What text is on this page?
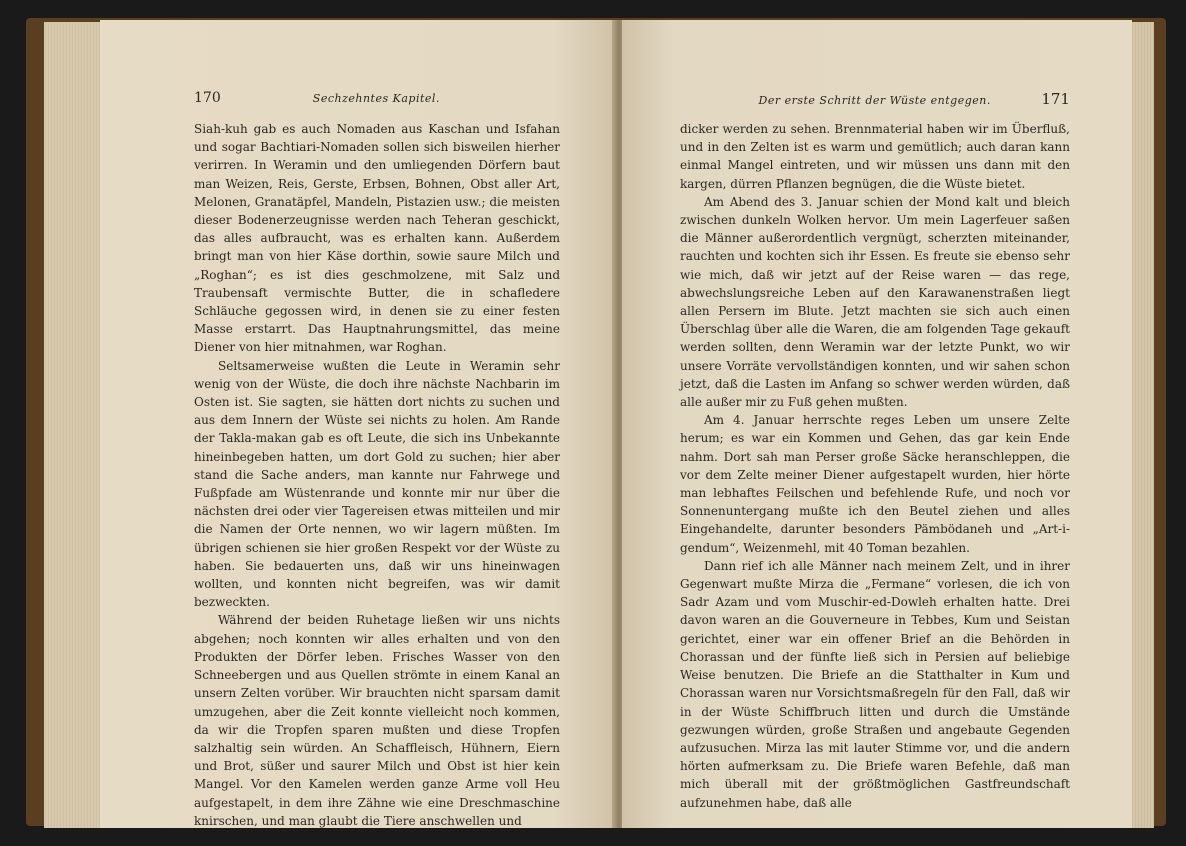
170	Sechzehntes Kapitel.

Siah-kuh gab es auch Nomaden aus Kaschan und Isfahan und sogar Bachtiari-Nomaden sollen sich bisweilen hierher verirren. In Weramin und den umliegenden Dörfern baut man Weizen, Reis, Gerste, Erbsen, Bohnen, Obst aller Art, Melonen, Granatäpfel, Mandeln, Pistazien usw.; die meisten dieser Bodenerzeugnisse werden nach Teheran geschickt, das alles aufbraucht, was es erhalten kann. Außerdem bringt man von hier Käse dorthin, sowie saure Milch und „Roghan“; es ist dies geschmolzene, mit Salz und Traubensaft vermischte Butter, die in schafledere Schläuche gegossen wird, in denen sie zu einer festen Masse erstarrt. Das Hauptnahrungsmittel, das meine Diener von hier mitnahmen, war Roghan.

Seltsamerweise wußten die Leute in Weramin sehr wenig von der Wüste, die doch ihre nächste Nachbarin im Osten ist. Sie sagten, sie hätten dort nichts zu suchen und aus dem Innern der Wüste sei nichts zu holen. Am Rande der Takla-makan gab es oft Leute, die sich ins Unbekannte hineinbegeben hatten, um dort Gold zu suchen; hier aber stand die Sache anders, man kannte nur Fahrwege und Fußpfade am Wüstenrande und konnte mir nur über die nächsten drei oder vier Tagereisen etwas mitteilen und mir die Namen der Orte nennen, wo wir lagern müßten. Im übrigen schienen sie hier großen Respekt vor der Wüste zu haben. Sie bedauerten uns, daß wir uns hineinwagen wollten, und konnten nicht begreifen, was wir damit bezweckten.

Während der beiden Ruhetage ließen wir uns nichts abgehen; noch konnten wir alles erhalten und von den Produkten der Dörfer leben. Frisches Wasser von den Schneebergen und aus Quellen strömte in einem Kanal an unsern Zelten vorüber. Wir brauchten nicht sparsam damit umzugehen, aber die Zeit konnte vielleicht noch kommen, da wir die Tropfen sparen mußten und diese Tropfen salzhaltig sein würden. An Schaffleisch, Hühnern, Eiern und Brot, süßer und saurer Milch und Obst ist hier kein Mangel. Vor den Kamelen werden ganze Arme voll Heu aufgestapelt, in dem ihre Zähne wie eine Dreschmaschine knirschen, und man glaubt die Tiere anschwellen und

Der erste Schritt der Wüste entgegen.	171

dicker werden zu sehen. Brennmaterial haben wir im Überfluß, und in den Zelten ist es warm und gemütlich; auch daran kann einmal Mangel eintreten, und wir müssen uns dann mit den kargen, dürren Pflanzen begnügen, die die Wüste bietet.

Am Abend des 3. Januar schien der Mond kalt und bleich zwischen dunkeln Wolken hervor. Um mein Lagerfeuer saßen die Männer außerordentlich vergnügt, scherzten miteinander, rauchten und kochten sich ihr Essen. Es freute sie ebenso sehr wie mich, daß wir jetzt auf der Reise waren — das rege, abwechslungsreiche Leben auf den Karawanenstraßen liegt allen Persern im Blute. Jetzt machten sie sich auch einen Überschlag über alle die Waren, die am folgenden Tage gekauft werden sollten, denn Weramin war der letzte Punkt, wo wir unsere Vorräte vervollständigen konnten, und wir sahen schon jetzt, daß die Lasten im Anfang so schwer werden würden, daß alle außer mir zu Fuß gehen mußten.

Am 4. Januar herrschte reges Leben um unsere Zelte herum; es war ein Kommen und Gehen, das gar kein Ende nahm. Dort sah man Perser große Säcke heranschleppen, die vor dem Zelte meiner Diener aufgestapelt wurden, hier hörte man lebhaftes Feilschen und befehlende Rufe, und noch vor Sonnenuntergang mußte ich den Beutel ziehen und alles Eingehandelte, darunter besonders Pämbödaneh und „Art-i-gendum“, Weizenmehl, mit 40 Toman bezahlen.

Dann rief ich alle Männer nach meinem Zelt, und in ihrer Gegenwart mußte Mirza die „Fermane“ vorlesen, die ich von Sadr Azam und vom Muschir-ed-Dowleh erhalten hatte. Drei davon waren an die Gouverneure in Tebbes, Kum und Seistan gerichtet, einer war ein offener Brief an die Behörden in Chorassan und der fünfte ließ sich in Persien auf beliebige Weise benutzen. Die Briefe an die Statthalter in Kum und Chorassan waren nur Vorsichtsmaßregeln für den Fall, daß wir in der Wüste Schiffbruch litten und durch die Umstände gezwungen würden, große Straßen und angebaute Gegenden aufzusuchen. Mirza las mit lauter Stimme vor, und die andern hörten aufmerksam zu. Die Briefe waren Befehle, daß man mich überall mit der größtmöglichen Gastfreundschaft aufzunehmen habe, daß alle
